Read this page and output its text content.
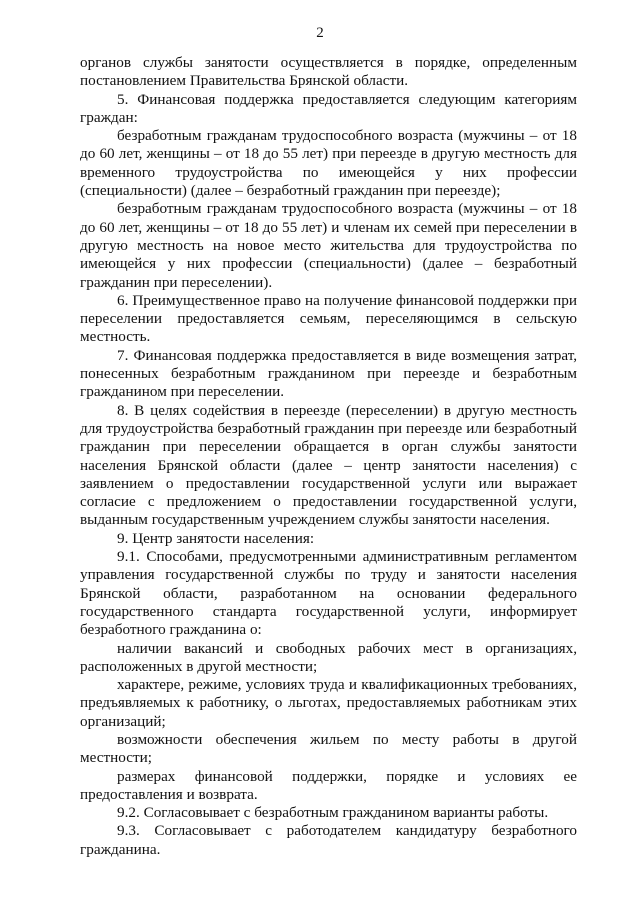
2

органов службы занятости осуществляется в порядке, определенным постановлением Правительства Брянской области.

5. Финансовая поддержка предоставляется следующим категориям граждан:

безработным гражданам трудоспособного возраста (мужчины – от 18 до 60 лет, женщины – от 18 до 55 лет) при переезде в другую местность для временного трудоустройства по имеющейся у них профессии (специальности) (далее – безработный гражданин при переезде);

безработным гражданам трудоспособного возраста (мужчины – от 18 до 60 лет, женщины – от 18 до 55 лет) и членам их семей при переселении в другую местность на новое место жительства для трудоустройства по имеющейся у них профессии (специальности) (далее – безработный гражданин при переселении).

6. Преимущественное право на получение финансовой поддержки при переселении предоставляется семьям, переселяющимся в сельскую местность.

7. Финансовая поддержка предоставляется в виде возмещения затрат, понесенных безработным гражданином при переезде и безработным гражданином при переселении.

8. В целях содействия в переезде (переселении) в другую местность для трудоустройства безработный гражданин при переезде или безработный гражданин при переселении обращается в орган службы занятости населения Брянской области (далее – центр занятости населения) с заявлением о предоставлении государственной услуги или выражает согласие с предложением о предоставлении государственной услуги, выданным государственным учреждением службы занятости населения.

9. Центр занятости населения:

9.1. Способами, предусмотренными административным регламентом управления государственной службы по труду и занятости населения Брянской области, разработанном на основании федерального государственного стандарта государственной услуги, информирует безработного гражданина о:

наличии вакансий и свободных рабочих мест в организациях, расположенных в другой местности;

характере, режиме, условиях труда и квалификационных требованиях, предъявляемых к работнику, о льготах, предоставляемых работникам этих организаций;

возможности обеспечения жильем по месту работы в другой местности;

размерах финансовой поддержки, порядке и условиях ее предоставления и возврата.

9.2. Согласовывает с безработным гражданином варианты работы.

9.3. Согласовывает с работодателем кандидатуру безработного гражданина.
